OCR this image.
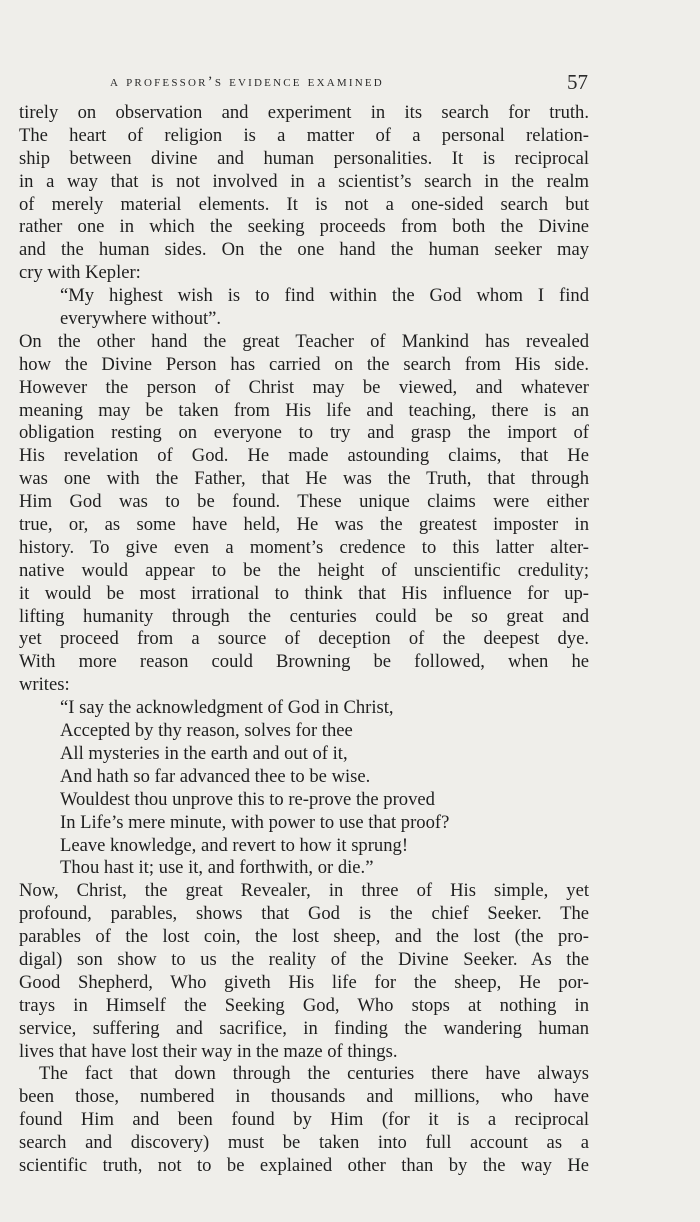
a professor’s evidence examined	57
tirely on observation and experiment in its search for truth.
The heart of religion is a matter of a personal relation-
ship between divine and human personalities. It is reciprocal
in a way that is not involved in a scientist’s search in the realm
of merely material elements. It is not a one-sided search but
rather one in which the seeking proceeds from both the Divine
and the human sides. On the one hand the human seeker may
cry with Kepler:
“My highest wish is to find within the God whom I find
everywhere without”.
On the other hand the great Teacher of Mankind has revealed
how the Divine Person has carried on the search from His side.
However the person of Christ may be viewed, and whatever
meaning may be taken from His life and teaching, there is an
obligation resting on everyone to try and grasp the import of
His revelation of God. He made astounding claims, that He
was one with the Father, that He was the Truth, that through
Him God was to be found. These unique claims were either
true, or, as some have held, He was the greatest imposter in
history. To give even a moment’s credence to this latter alter-
native would appear to be the height of unscientific credulity;
it would be most irrational to think that His influence for up-
lifting humanity through the centuries could be so great and
yet proceed from a source of deception of the deepest dye.
With more reason could Browning be followed, when he
writes:
“I say the acknowledgment of God in Christ,
Accepted by thy reason, solves for thee
All mysteries in the earth and out of it,
And hath so far advanced thee to be wise.
Wouldest thou unprove this to re-prove the proved
In Life’s mere minute, with power to use that proof?
Leave knowledge, and revert to how it sprung!
Thou hast it; use it, and forthwith, or die.”
Now, Christ, the great Revealer, in three of His simple, yet
profound, parables, shows that God is the chief Seeker. The
parables of the lost coin, the lost sheep, and the lost (the pro-
digal) son show to us the reality of the Divine Seeker. As the
Good Shepherd, Who giveth His life for the sheep, He por-
trays in Himself the Seeking God, Who stops at nothing in
service, suffering and sacrifice, in finding the wandering human
lives that have lost their way in the maze of things.
The fact that down through the centuries there have always
been those, numbered in thousands and millions, who have
found Him and been found by Him (for it is a reciprocal
search and discovery) must be taken into full account as a
scientific truth, not to be explained other than by the way He
